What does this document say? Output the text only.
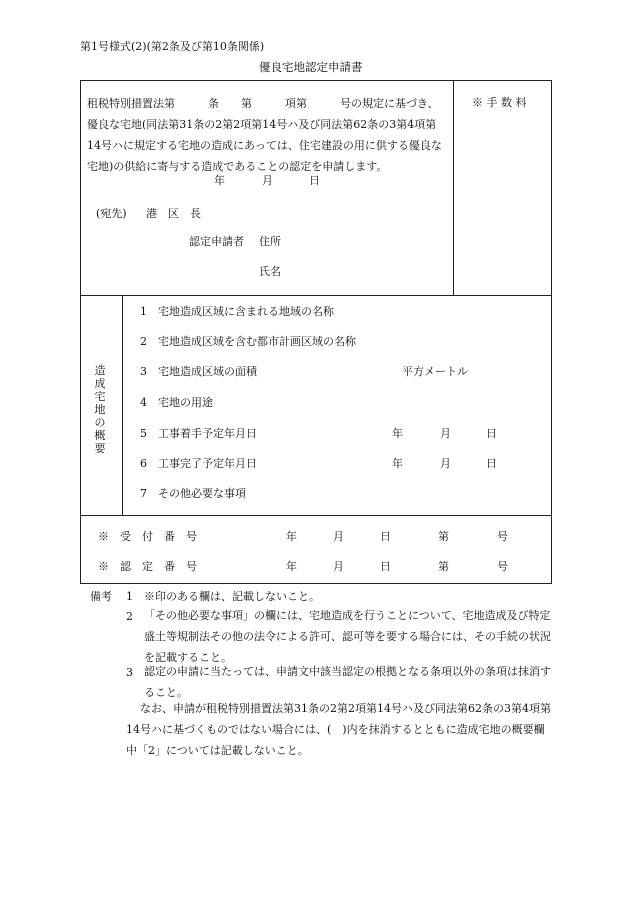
第1号様式(2)(第2条及び第10条関係)
優良宅地認定申請書
租税特別措置法第　　　条　　第　　　項第　　　号の規定に基づき、優良な宅地(同法第31条の2第2項第14号ハ及び同法第62条の3第4項第14号ハに規定する宅地の造成にあっては、住宅建設の用に供する優良な宅地)の供給に寄与する造成であることの認定を申請します。
年	月	日
(宛先) 港　区　長
認定申請者 住所
氏名
※ 手 数 料
造
成
宅
地
の
概
要
1 宅地造成区域に含まれる地域の名称
2 宅地造成区域を含む都市計画区域の名称
3 宅地造成区域の面積	平方メートル
4 宅地の用途
5 工事着手予定年月日	年	月	日
6 工事完了予定年月日	年	月	日
7 その他必要な事項
※　受　付　番　号	年	月	日	第	号
※　認　定　番　号	年	月	日	第	号
備考 1 ※印のある欄は、記載しないこと。
2 「その他必要な事項」の欄には、宅地造成を行うことについて、宅地造成及び特定盛土等規制法その他の法令による許可、認可等を要する場合には、その手続の状況を記載すること。
3 認定の申請に当たっては、申請文中該当認定の根拠となる条項以外の条項は抹消すること。
なお、申請が租税特別措置法第31条の2第2項第14号ハ及び同法第62条の3第4項第14号ハに基づくものではない場合には、(　)内を抹消するとともに造成宅地の概要欄中「2」については記載しないこと。
